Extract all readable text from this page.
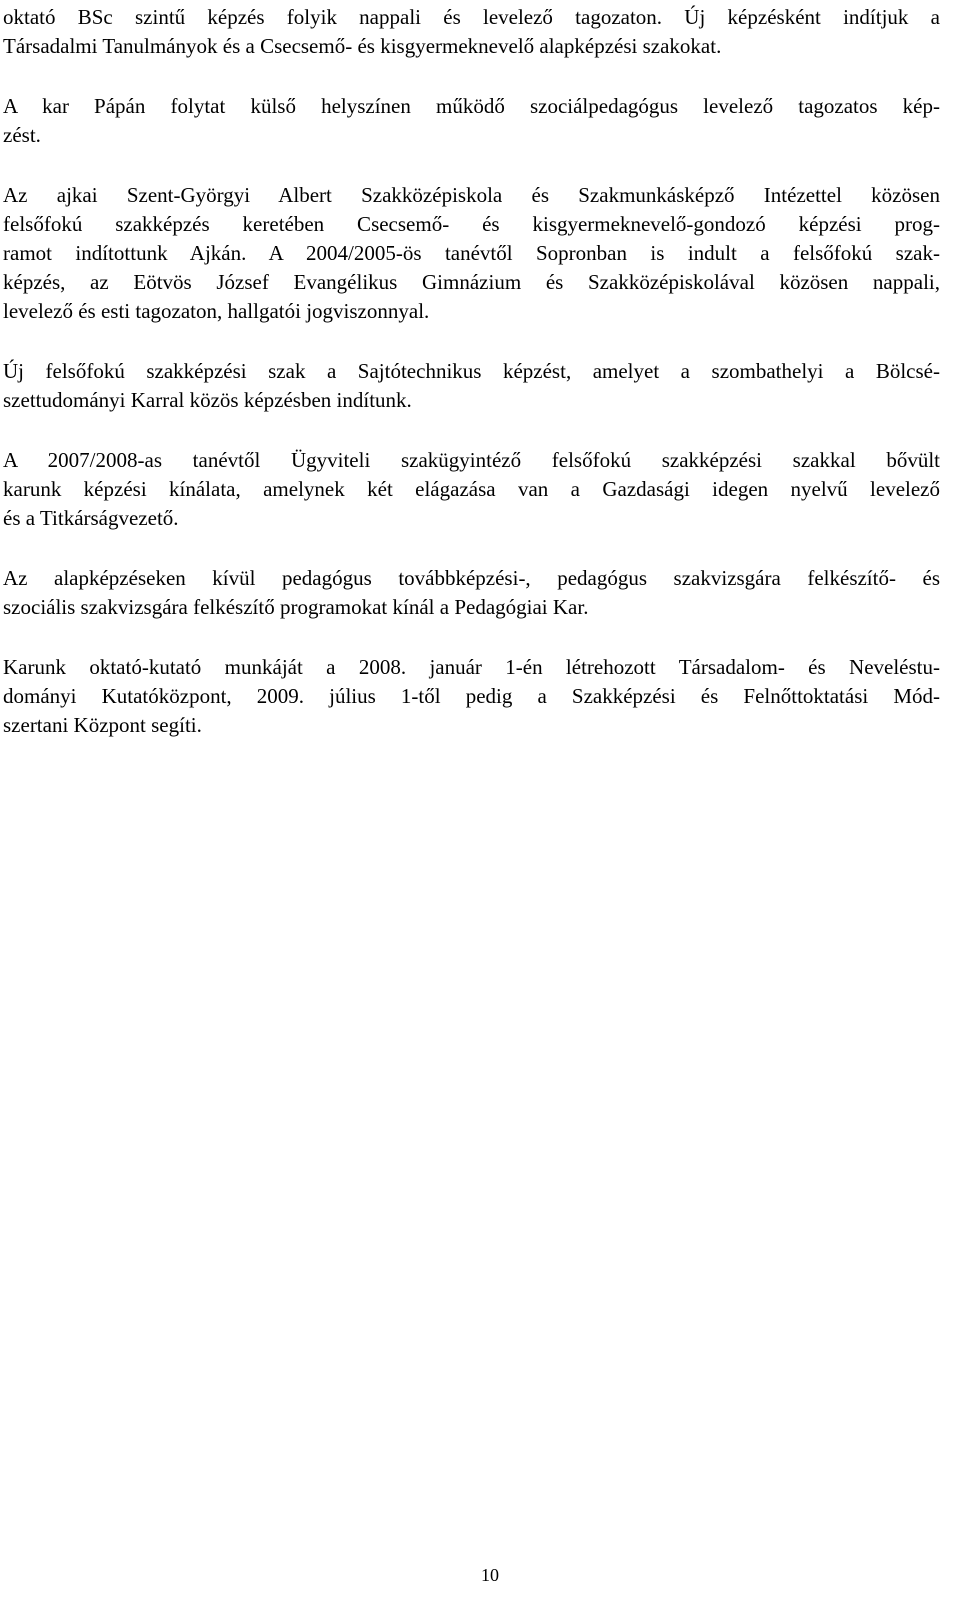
oktató BSc szintű képzés folyik nappali és levelező tagozaton. Új képzésként indítjuk a
Társadalmi Tanulmányok és a Csecsemő- és kisgyermeknevelő alapképzési szakokat.

A kar Pápán folytat külső helyszínen működő szociálpedagógus levelező tagozatos kép-
zést.

Az ajkai Szent-Györgyi Albert Szakközépiskola és Szakmunkásképző Intézettel közösen
felsőfokú szakképzés keretében Csecsemő- és kisgyermeknevelő-gondozó képzési prog-
ramot indítottunk Ajkán. A 2004/2005-ös tanévtől Sopronban is indult a felsőfokú szak-
képzés, az Eötvös József Evangélikus Gimnázium és Szakközépiskolával közösen nappali,
levelező és esti tagozaton, hallgatói jogviszonnyal.

Új felsőfokú szakképzési szak a Sajtótechnikus képzést, amelyet a szombathelyi a Bölcsé-
szettudományi Karral közös képzésben indítunk.

A 2007/2008-as tanévtől Ügyviteli szakügyintéző felsőfokú szakképzési szakkal bővült
karunk képzési kínálata, amelynek két elágazása van a Gazdasági idegen nyelvű levelező
és a Titkárságvezető.

Az alapképzéseken kívül pedagógus továbbképzési-, pedagógus szakvizsgára felkészítő- és
szociális szakvizsgára felkészítő programokat kínál a Pedagógiai Kar.

Karunk oktató-kutató munkáját a 2008. január 1-én létrehozott Társadalom- és Neveléstu-
dományi Kutatóközpont, 2009. július 1-től pedig a Szakképzési és Felnőttoktatási Mód-
szertani Központ segíti.

10
